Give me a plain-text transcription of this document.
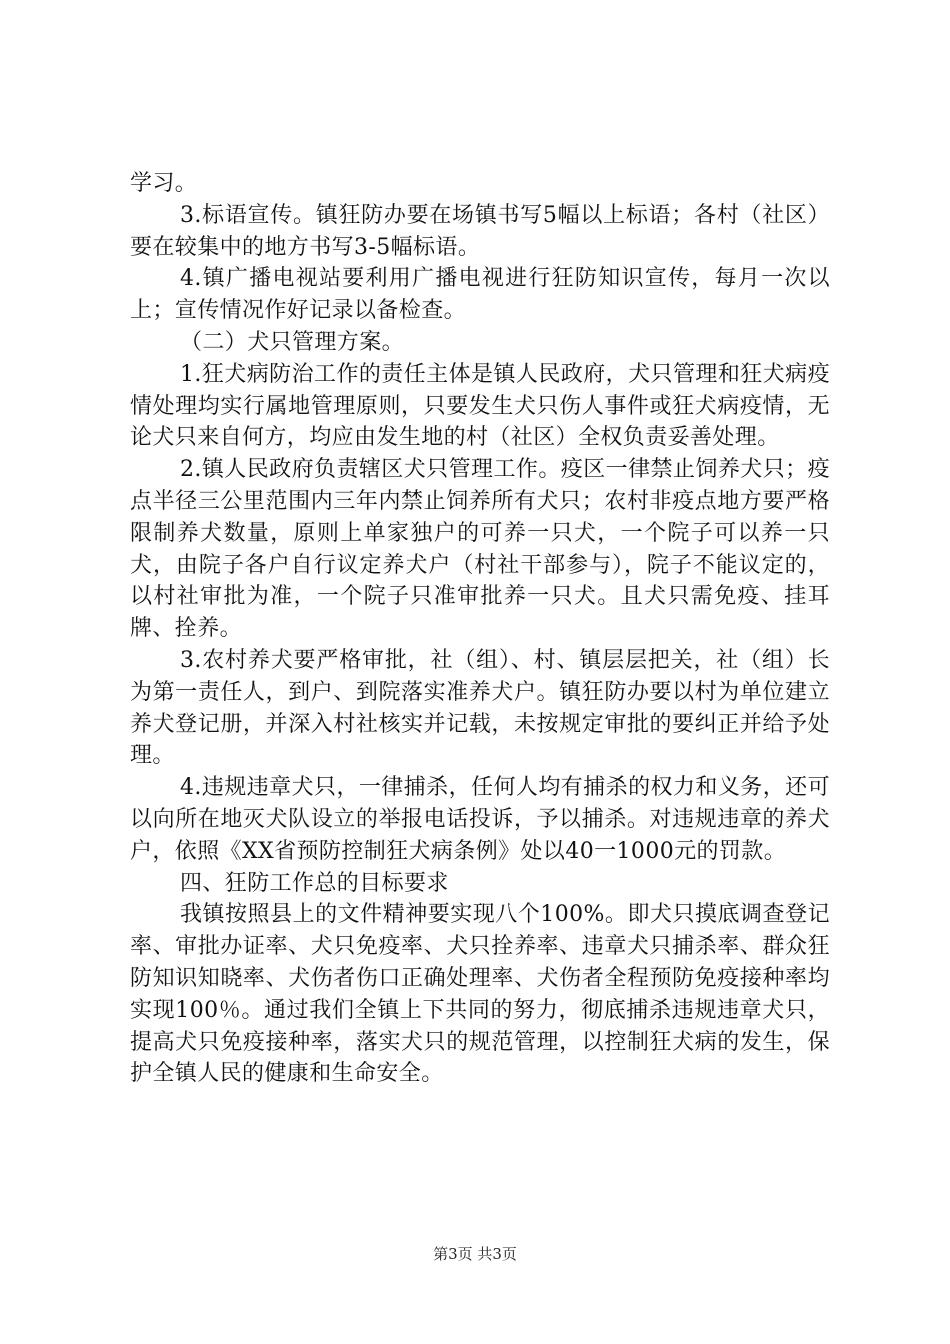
学习。

3.标语宣传。镇狂防办要在场镇书写5幅以上标语；各村（社区）要在较集中的地方书写3-5幅标语。

4.镇广播电视站要利用广播电视进行狂防知识宣传，每月一次以上；宣传情况作好记录以备检查。

（二）犬只管理方案。

1.狂犬病防治工作的责任主体是镇人民政府，犬只管理和狂犬病疫情处理均实行属地管理原则，只要发生犬只伤人事件或狂犬病疫情，无论犬只来自何方，均应由发生地的村（社区）全权负责妥善处理。

2.镇人民政府负责辖区犬只管理工作。疫区一律禁止饲养犬只；疫点半径三公里范围内三年内禁止饲养所有犬只；农村非疫点地方要严格限制养犬数量，原则上单家独户的可养一只犬，一个院子可以养一只犬，由院子各户自行议定养犬户（村社干部参与），院子不能议定的，以村社审批为准，一个院子只准审批养一只犬。且犬只需免疫、挂耳牌、拴养。

3.农村养犬要严格审批，社（组）、村、镇层层把关，社（组）长为第一责任人，到户、到院落实准养犬户。镇狂防办要以村为单位建立养犬登记册，并深入村社核实并记载，未按规定审批的要纠正并给予处理。

4.违规违章犬只，一律捕杀，任何人均有捕杀的权力和义务，还可以向所在地灭犬队设立的举报电话投诉，予以捕杀。对违规违章的养犬户，依照《XX省预防控制狂犬病条例》处以40一1000元的罚款。

四、狂防工作总的目标要求

我镇按照县上的文件精神要实现八个100%。即犬只摸底调查登记率、审批办证率、犬只免疫率、犬只拴养率、违章犬只捕杀率、群众狂防知识知晓率、犬伤者伤口正确处理率、犬伤者全程预防免疫接种率均实现100％。通过我们全镇上下共同的努力，彻底捕杀违规违章犬只，提高犬只免疫接种率，落实犬只的规范管理，以控制狂犬病的发生，保护全镇人民的健康和生命安全。

第3页 共3页
